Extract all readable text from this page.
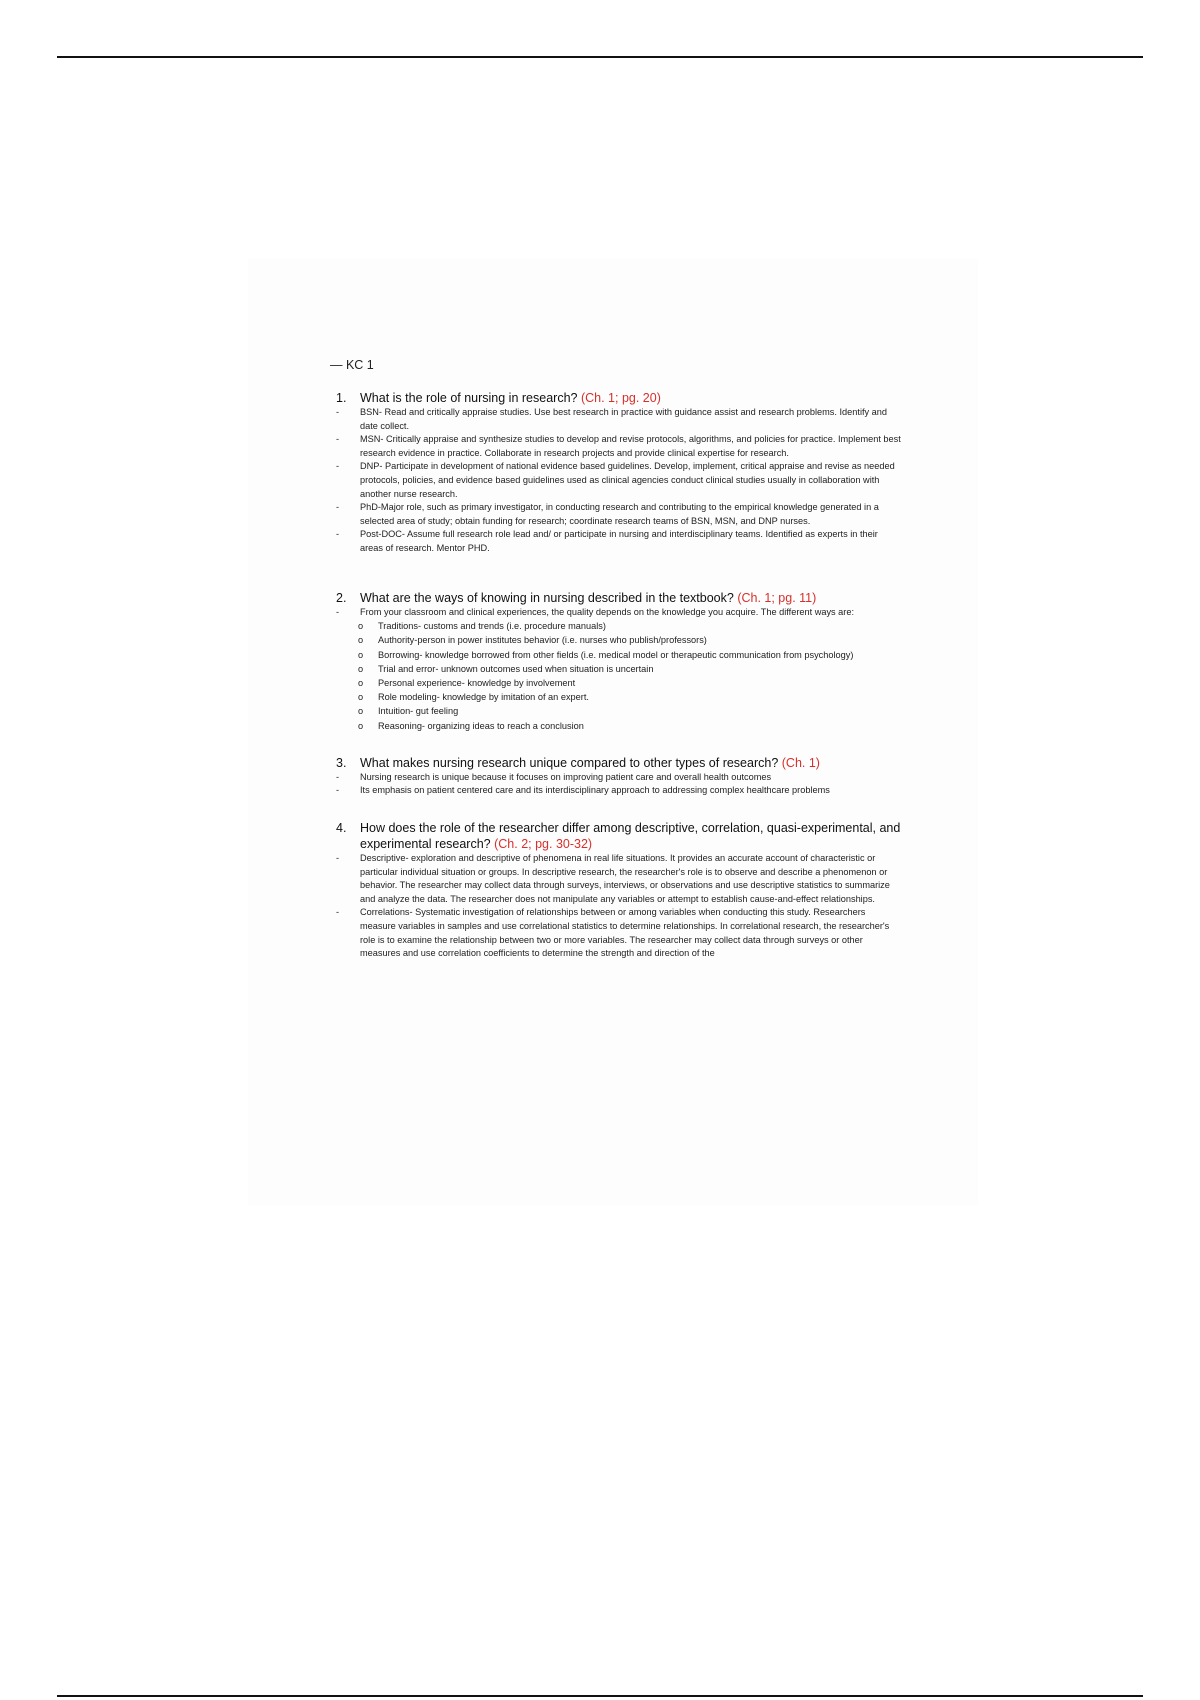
— KC 1
1.	What is the role of nursing in research? (Ch. 1; pg. 20)
- BSN- Read and critically appraise studies. Use best research in practice with guidance assist and research problems. Identify and date collect.
- MSN- Critically appraise and synthesize studies to develop and revise protocols, algorithms, and policies for practice. Implement best research evidence in practice. Collaborate in research projects and provide clinical expertise for research.
- DNP- Participate in development of national evidence based guidelines. Develop, implement, critical appraise and revise as needed protocols, policies, and evidence based guidelines used as clinical agencies conduct clinical studies usually in collaboration with another nurse research.
- PhD-Major role, such as primary investigator, in conducting research and contributing to the empirical knowledge generated in a selected area of study; obtain funding for research; coordinate research teams of BSN, MSN, and DNP nurses.
- Post-DOC- Assume full research role lead and/ or participate in nursing and interdisciplinary teams. Identified as experts in their areas of research. Mentor PHD.
2.	What are the ways of knowing in nursing described in the textbook? (Ch. 1; pg. 11)
- From your classroom and clinical experiences, the quality depends on the knowledge you acquire. The different ways are:
o Traditions- customs and trends (i.e. procedure manuals)
o Authority-person in power institutes behavior (i.e. nurses who publish/professors)
o Borrowing- knowledge borrowed from other fields (i.e. medical model or therapeutic communication from psychology)
o Trial and error- unknown outcomes used when situation is uncertain
o Personal experience- knowledge by involvement
o Role modeling- knowledge by imitation of an expert.
o Intuition- gut feeling
o Reasoning- organizing ideas to reach a conclusion
3.	What makes nursing research unique compared to other types of research? (Ch. 1)
- Nursing research is unique because it focuses on improving patient care and overall health outcomes
- Its emphasis on patient centered care and its interdisciplinary approach to addressing complex healthcare problems
4.	How does the role of the researcher differ among descriptive, correlation, quasi-experimental, and experimental research? (Ch. 2; pg. 30-32)
- Descriptive- exploration and descriptive of phenomena in real life situations. It provides an accurate account of characteristic or particular individual situation or groups. In descriptive research, the researcher's role is to observe and describe a phenomenon or behavior. The researcher may collect data through surveys, interviews, or observations and use descriptive statistics to summarize and analyze the data. The researcher does not manipulate any variables or attempt to establish cause-and-effect relationships.
- Correlations- Systematic investigation of relationships between or among variables when conducting this study. Researchers measure variables in samples and use correlational statistics to determine relationships. In correlational research, the researcher's role is to examine the relationship between two or more variables. The researcher may collect data through surveys or other measures and use correlation coefficients to determine the strength and direction of the
